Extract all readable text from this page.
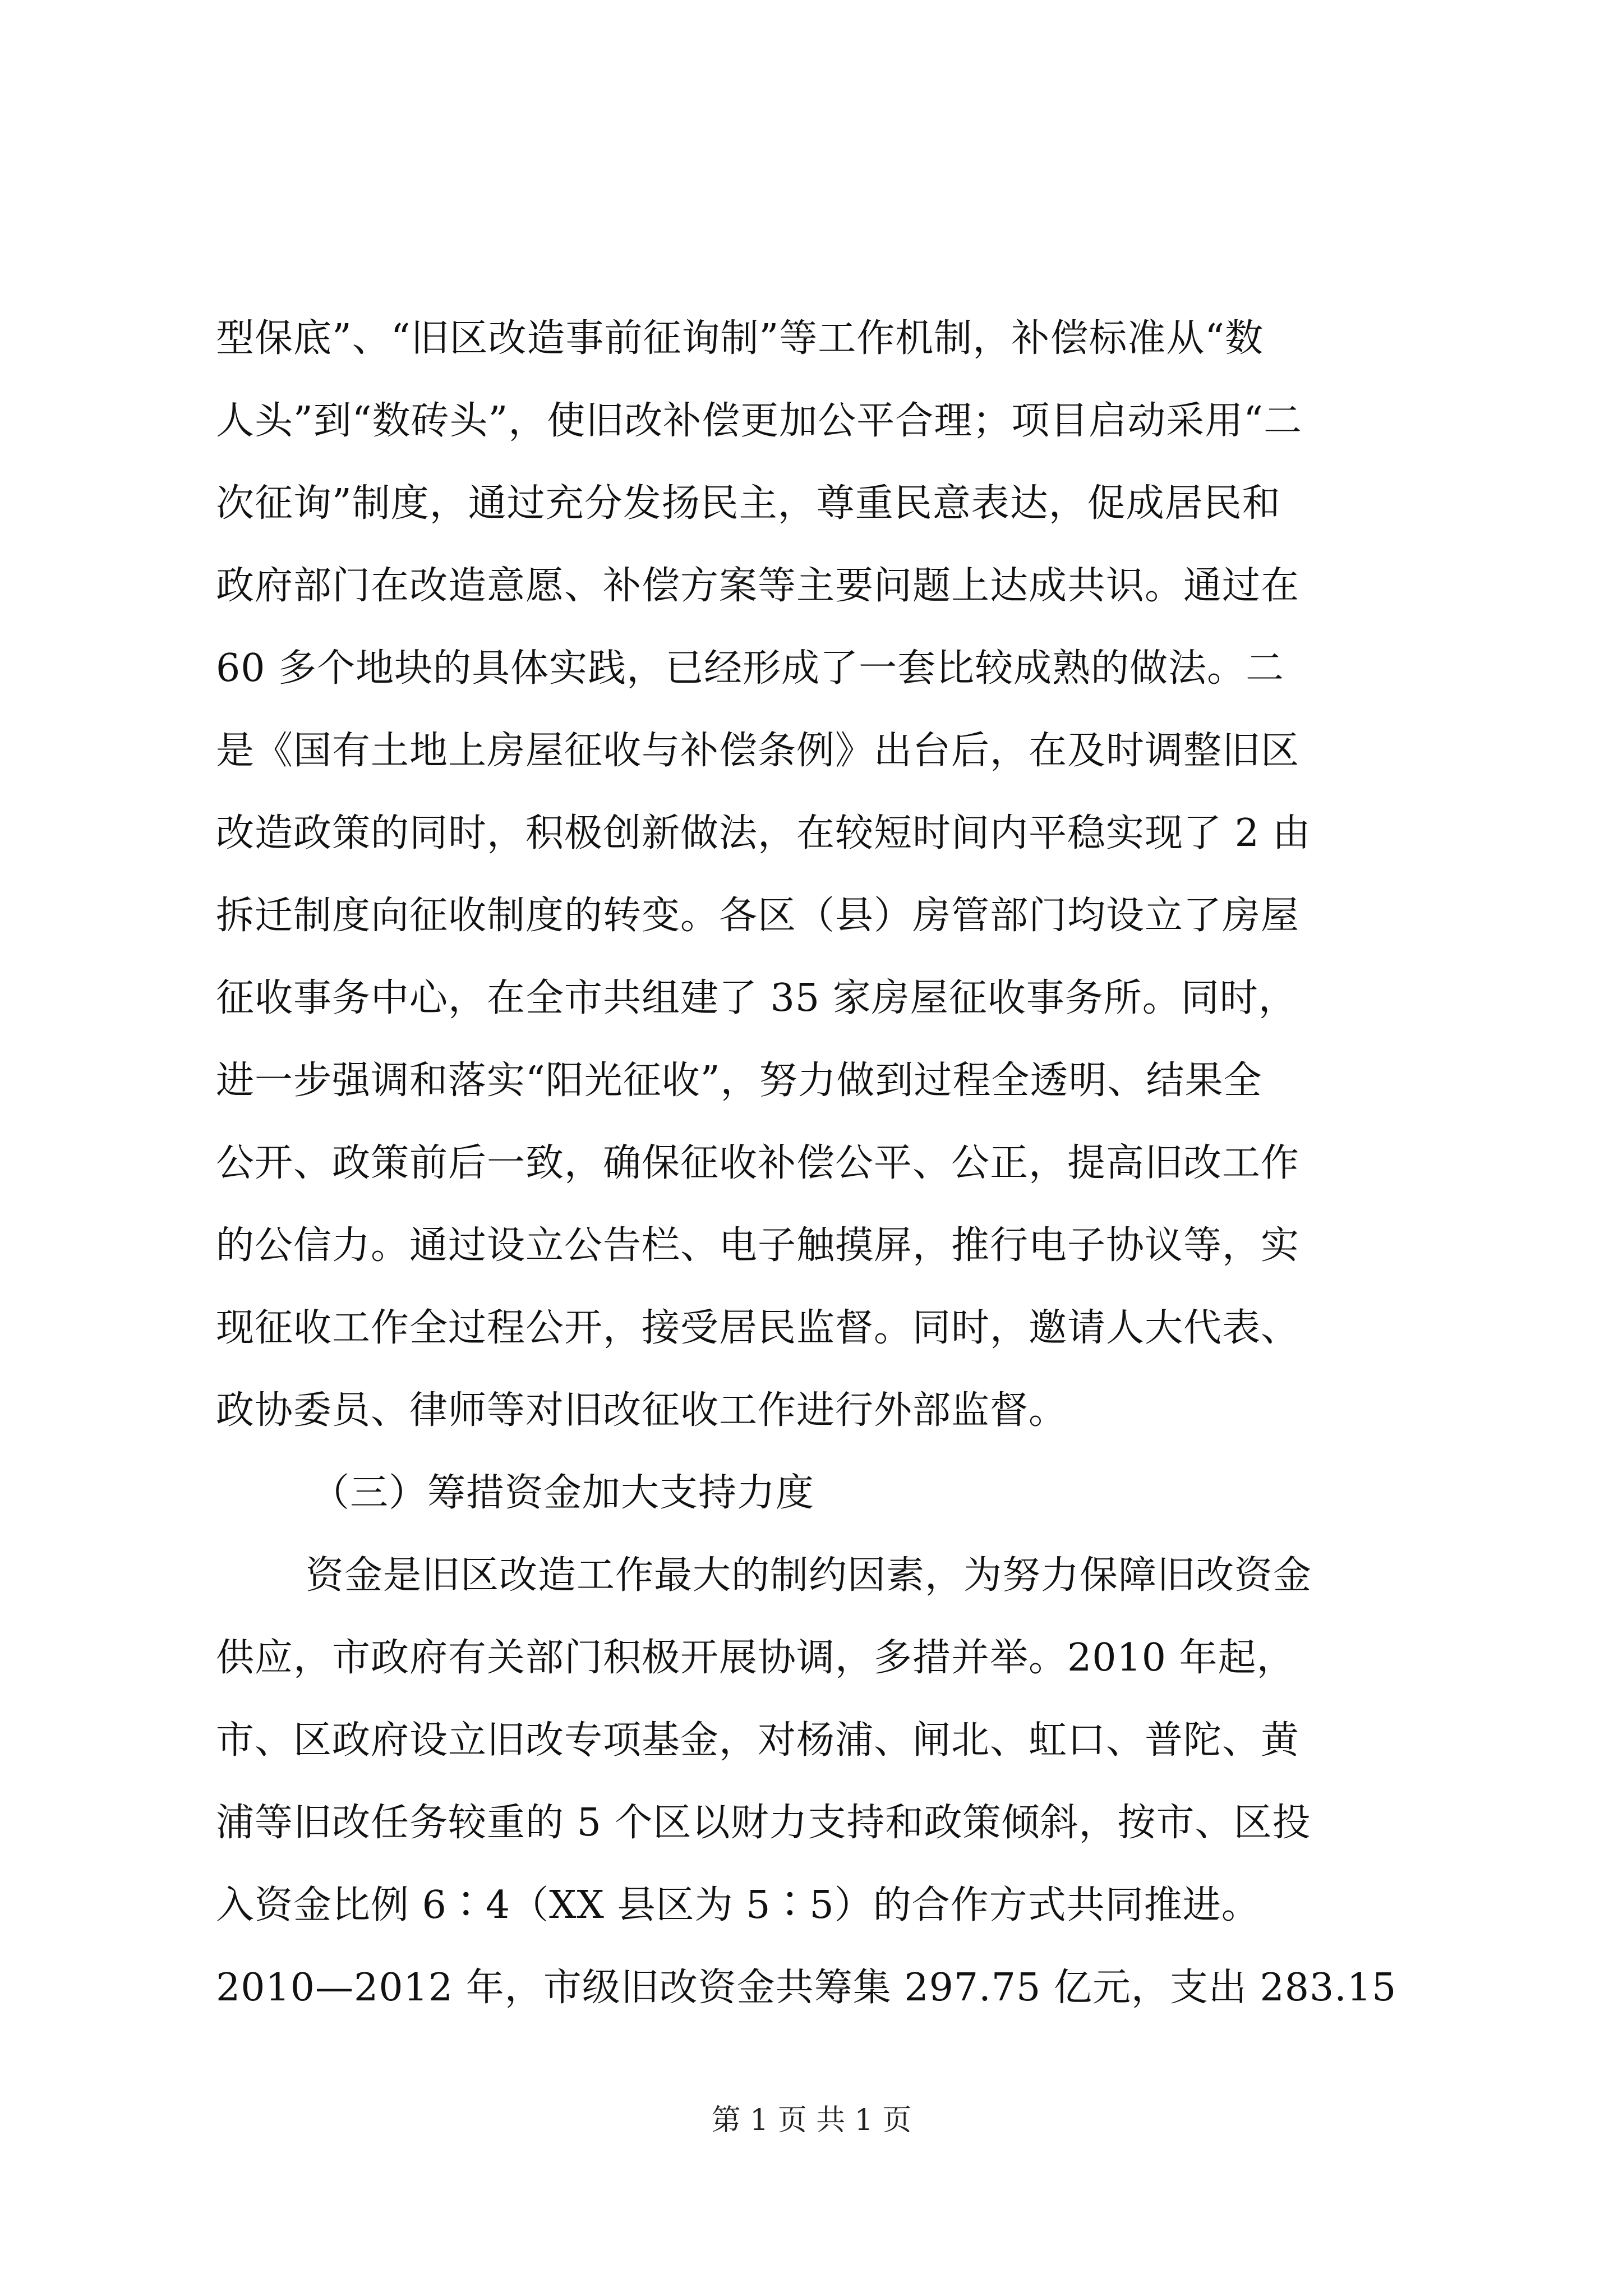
型保底”、“旧区改造事前征询制”等工作机制，补偿标准从“数
人头”到“数砖头”，使旧改补偿更加公平合理；项目启动采用“二
次征询”制度，通过充分发扬民主，尊重民意表达，促成居民和
政府部门在改造意愿、补偿方案等主要问题上达成共识。通过在
60 多个地块的具体实践，已经形成了一套比较成熟的做法。二
是《国有土地上房屋征收与补偿条例》出台后，在及时调整旧区
改造政策的同时，积极创新做法，在较短时间内平稳实现了 2 由
拆迁制度向征收制度的转变。各区（县）房管部门均设立了房屋
征收事务中心，在全市共组建了 35 家房屋征收事务所。同时，
进一步强调和落实“阳光征收”，努力做到过程全透明、结果全
公开、政策前后一致，确保征收补偿公平、公正，提高旧改工作
的公信力。通过设立公告栏、电子触摸屏，推行电子协议等，实
现征收工作全过程公开，接受居民监督。同时，邀请人大代表、
政协委员、律师等对旧改征收工作进行外部监督。
（三）筹措资金加大支持力度
资金是旧区改造工作最大的制约因素，为努力保障旧改资金
供应，市政府有关部门积极开展协调，多措并举。2010 年起，
市、区政府设立旧改专项基金，对杨浦、闸北、虹口、普陀、黄
浦等旧改任务较重的 5 个区以财力支持和政策倾斜，按市、区投
入资金比例 6∶4（XX 县区为 5∶5）的合作方式共同推进。
2010—2012 年，市级旧改资金共筹集 297.75 亿元，支出 283.15
第 1 页 共 1 页
